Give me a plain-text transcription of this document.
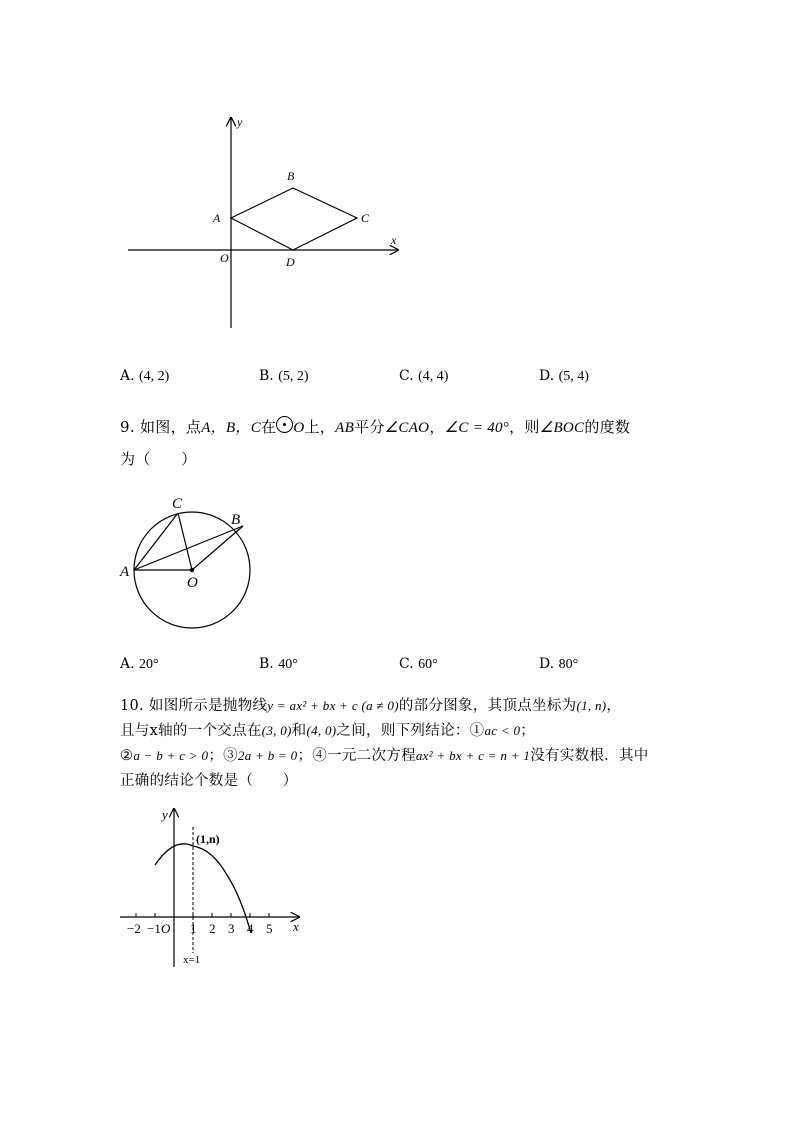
y
x
B
A	C
O	D
A. (4, 2)	B. (5, 2)	C. (4, 4)	D. (5, 4)
9. 如图，点A，B，C在 O上，AB平分∠CAO，∠C = 40°，则∠BOC的度数
为（　　）
C
B
A
O
A. 20°	B. 40°	C. 60°	D. 80°
10. 如图所示是抛物线y = ax² + bx + c (a ≠ 0)的部分图象，其顶点坐标为(1, n)，
且与x轴的一个交点在(3, 0)和(4, 0)之间，则下列结论：①ac < 0；
②a − b + c > 0；③2a + b = 0；④一元二次方程ax² + bx + c = n + 1没有实数根．其中
正确的结论个数是（　　）
−2 −1 O 1 2 3 4 5 x
y
(1,n)
x=1
